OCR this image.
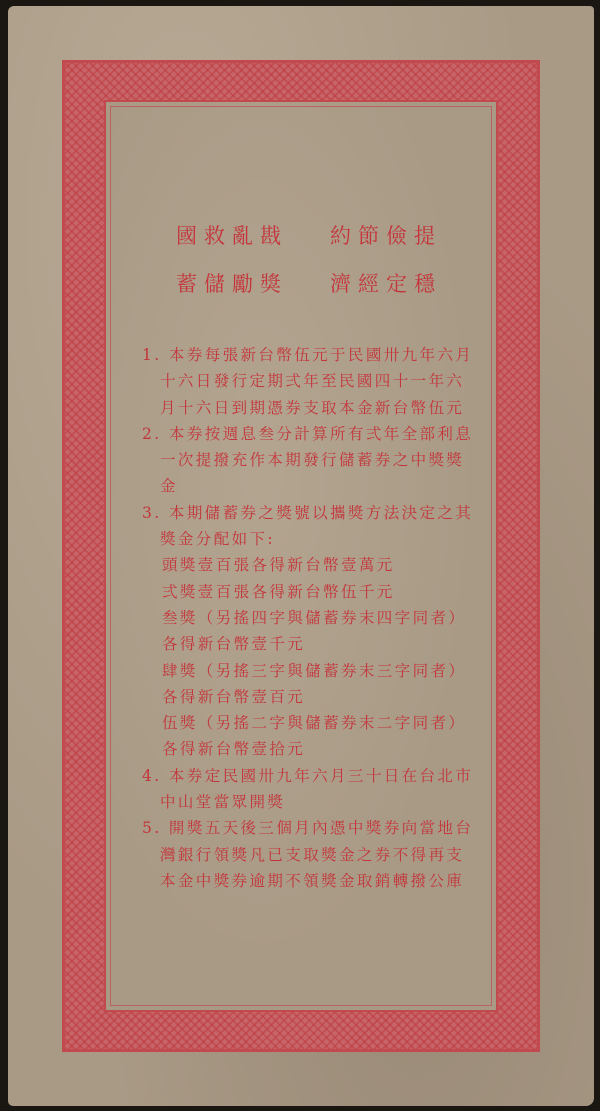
約節儉提
國救亂戡
濟經定穩
蓄儲勵獎
1. 本券每張新台幣伍元于民國卅九年六月
十六日發行定期弍年至民國四十一年六
月十六日到期憑券支取本金新台幣伍元
2. 本券按週息叁分計算所有弍年全部利息
一次提撥充作本期發行儲蓄券之中獎獎
金
3. 本期儲蓄券之獎號以攜獎方法決定之其
獎金分配如下:
頭獎壹百張各得新台幣壹萬元
弍獎壹百張各得新台幣伍千元
叁獎（另搖四字與儲蓄券末四字同者）
各得新台幣壹千元
肆獎（另搖三字與儲蓄券末三字同者）
各得新台幣壹百元
伍獎（另搖二字與儲蓄券末二字同者）
各得新台幣壹拾元
4. 本券定民國卅九年六月三十日在台北市
中山堂當眾開獎
5. 開獎五天後三個月內憑中獎券向當地台
灣銀行領獎凡已支取獎金之券不得再支
本金中獎券逾期不領獎金取銷轉撥公庫
